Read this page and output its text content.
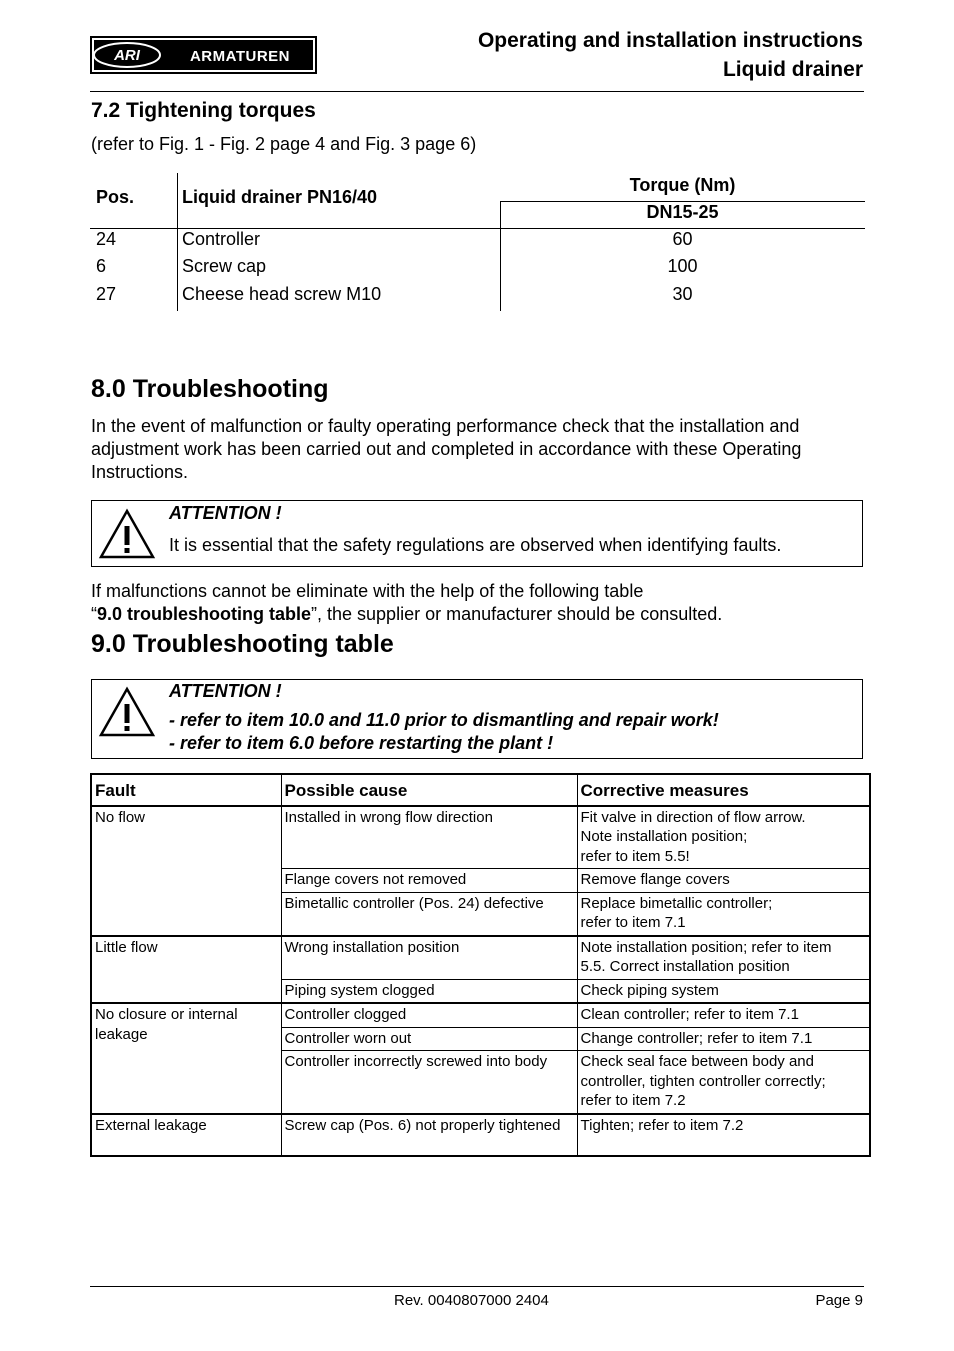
ARI	ARMATUREN
Operating and installation instructions
Liquid drainer
7.2 Tightening torques
(refer to Fig. 1 - Fig. 2 page 4 and Fig. 3 page 6)
Pos.	Liquid drainer PN16/40
Torque (Nm)
DN15-25
24	Controller	60
6	Screw cap	100
27	Cheese head screw M10	30
8.0 Troubleshooting
In the event of malfunction or faulty operating performance check that the installation and
adjustment work has been carried out and completed in accordance with these Operating
Instructions.
ATTENTION !
It is essential that the safety regulations are observed when identifying faults.
If malfunctions cannot be eliminate with the help of the following table
“9.0 troubleshooting table”, the supplier or manufacturer should be consulted.
9.0 Troubleshooting table
ATTENTION !
- refer to item 10.0 and 11.0 prior to dismantling and repair work!
- refer to item 6.0 before restarting the plant !
Fault	Possible cause	Corrective measures
No flow	Installed in wrong flow direction	Fit valve in direction of flow arrow.
Note installation position;
refer to item 5.5!

	Flange covers not removed	Remove flange covers

	Bimetallic controller (Pos. 24) defective	Replace bimetallic controller;
refer to item 7.1

Little flow	Wrong installation position	Note installation position; refer to item
5.5. Correct installation position

	Piping system clogged	Check piping system

No closure or internal leakage	Controller clogged	Clean controller; refer to item 7.1

	Controller worn out	Change controller; refer to item 7.1

	Controller incorrectly screwed into body	Check seal face between body and
controller, tighten controller correctly;
refer to item 7.2

External leakage	Screw cap (Pos. 6) not properly tightened	Tighten; refer to item 7.2
Rev. 0040807000 2404	Page 9
